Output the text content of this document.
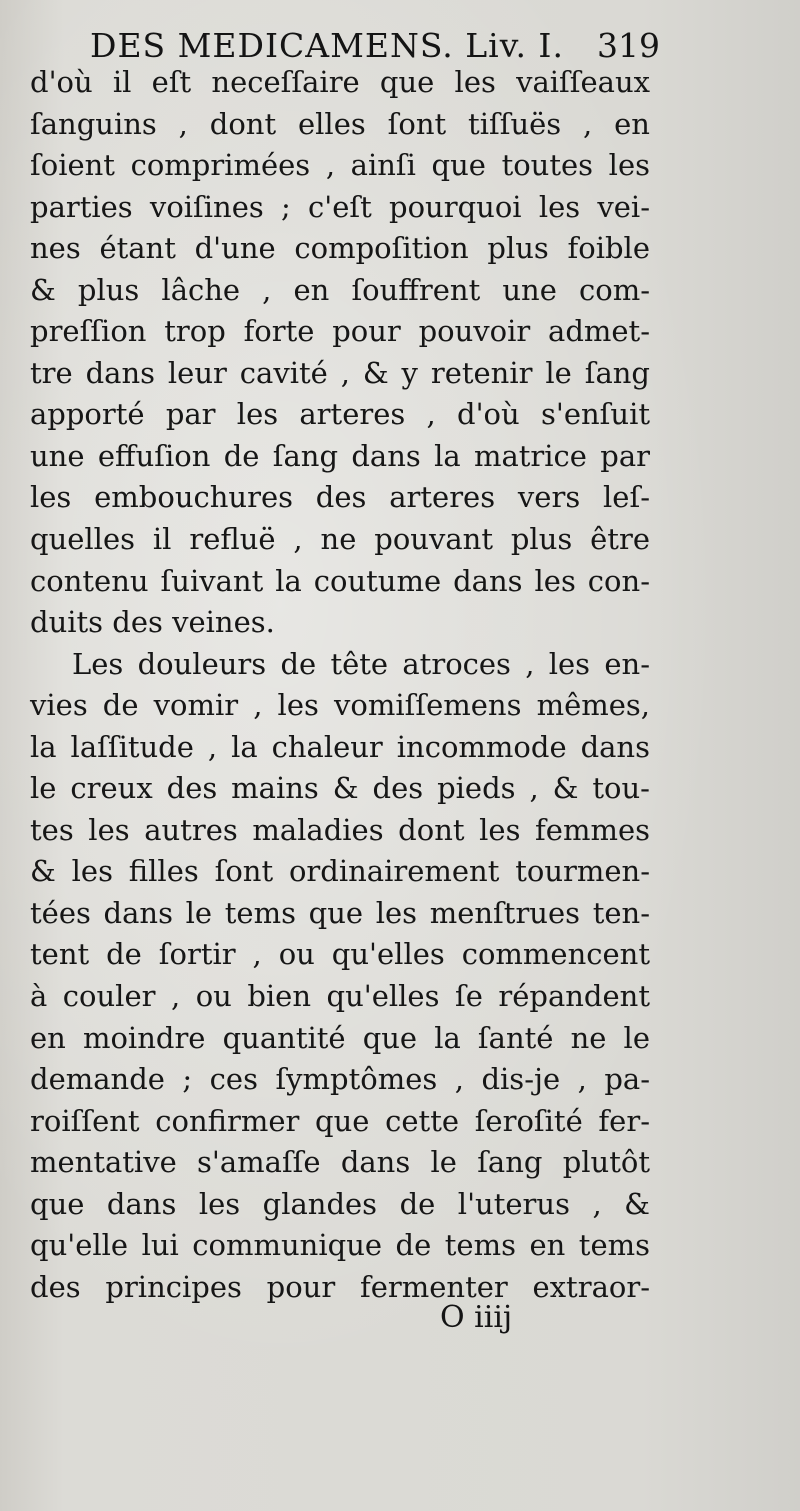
DES MEDICAMENS. Liv. I. 319
d'où il eſt neceſſaire que les vaiſſeaux
ſanguins , dont elles ſont tiſſuës , en
ſoient comprimées , ainſi que toutes les
parties voiſines ; c'eſt pourquoi les vei-
nes étant d'une compoſition plus foible
& plus lâche , en ſouffrent une com-
preſſion trop forte pour pouvoir admet-
tre dans leur cavité , & y retenir le ſang
apporté par les arteres , d'où s'enſuit
une effuſion de ſang dans la matrice par
les embouchures des arteres vers leſ-
quelles il refluë , ne pouvant plus être
contenu ſuivant la coutume dans les con-
duits des veines.
Les douleurs de tête atroces , les en-
vies de vomir , les vomiſſemens mêmes,
la laſſitude , la chaleur incommode dans
le creux des mains & des pieds , & tou-
tes les autres maladies dont les femmes
& les filles ſont ordinairement tourmen-
tées dans le tems que les menſtrues ten-
tent de ſortir , ou qu'elles commencent
à couler , ou bien qu'elles ſe répandent
en moindre quantité que la ſanté ne le
demande ; ces ſymptômes , dis-je , pa-
roiſſent confirmer que cette ſeroſité fer-
mentative s'amaſſe dans le ſang plutôt
que dans les glandes de l'uterus , &
qu'elle lui communique de tems en tems
des principes pour fermenter extraor-
O iiij
